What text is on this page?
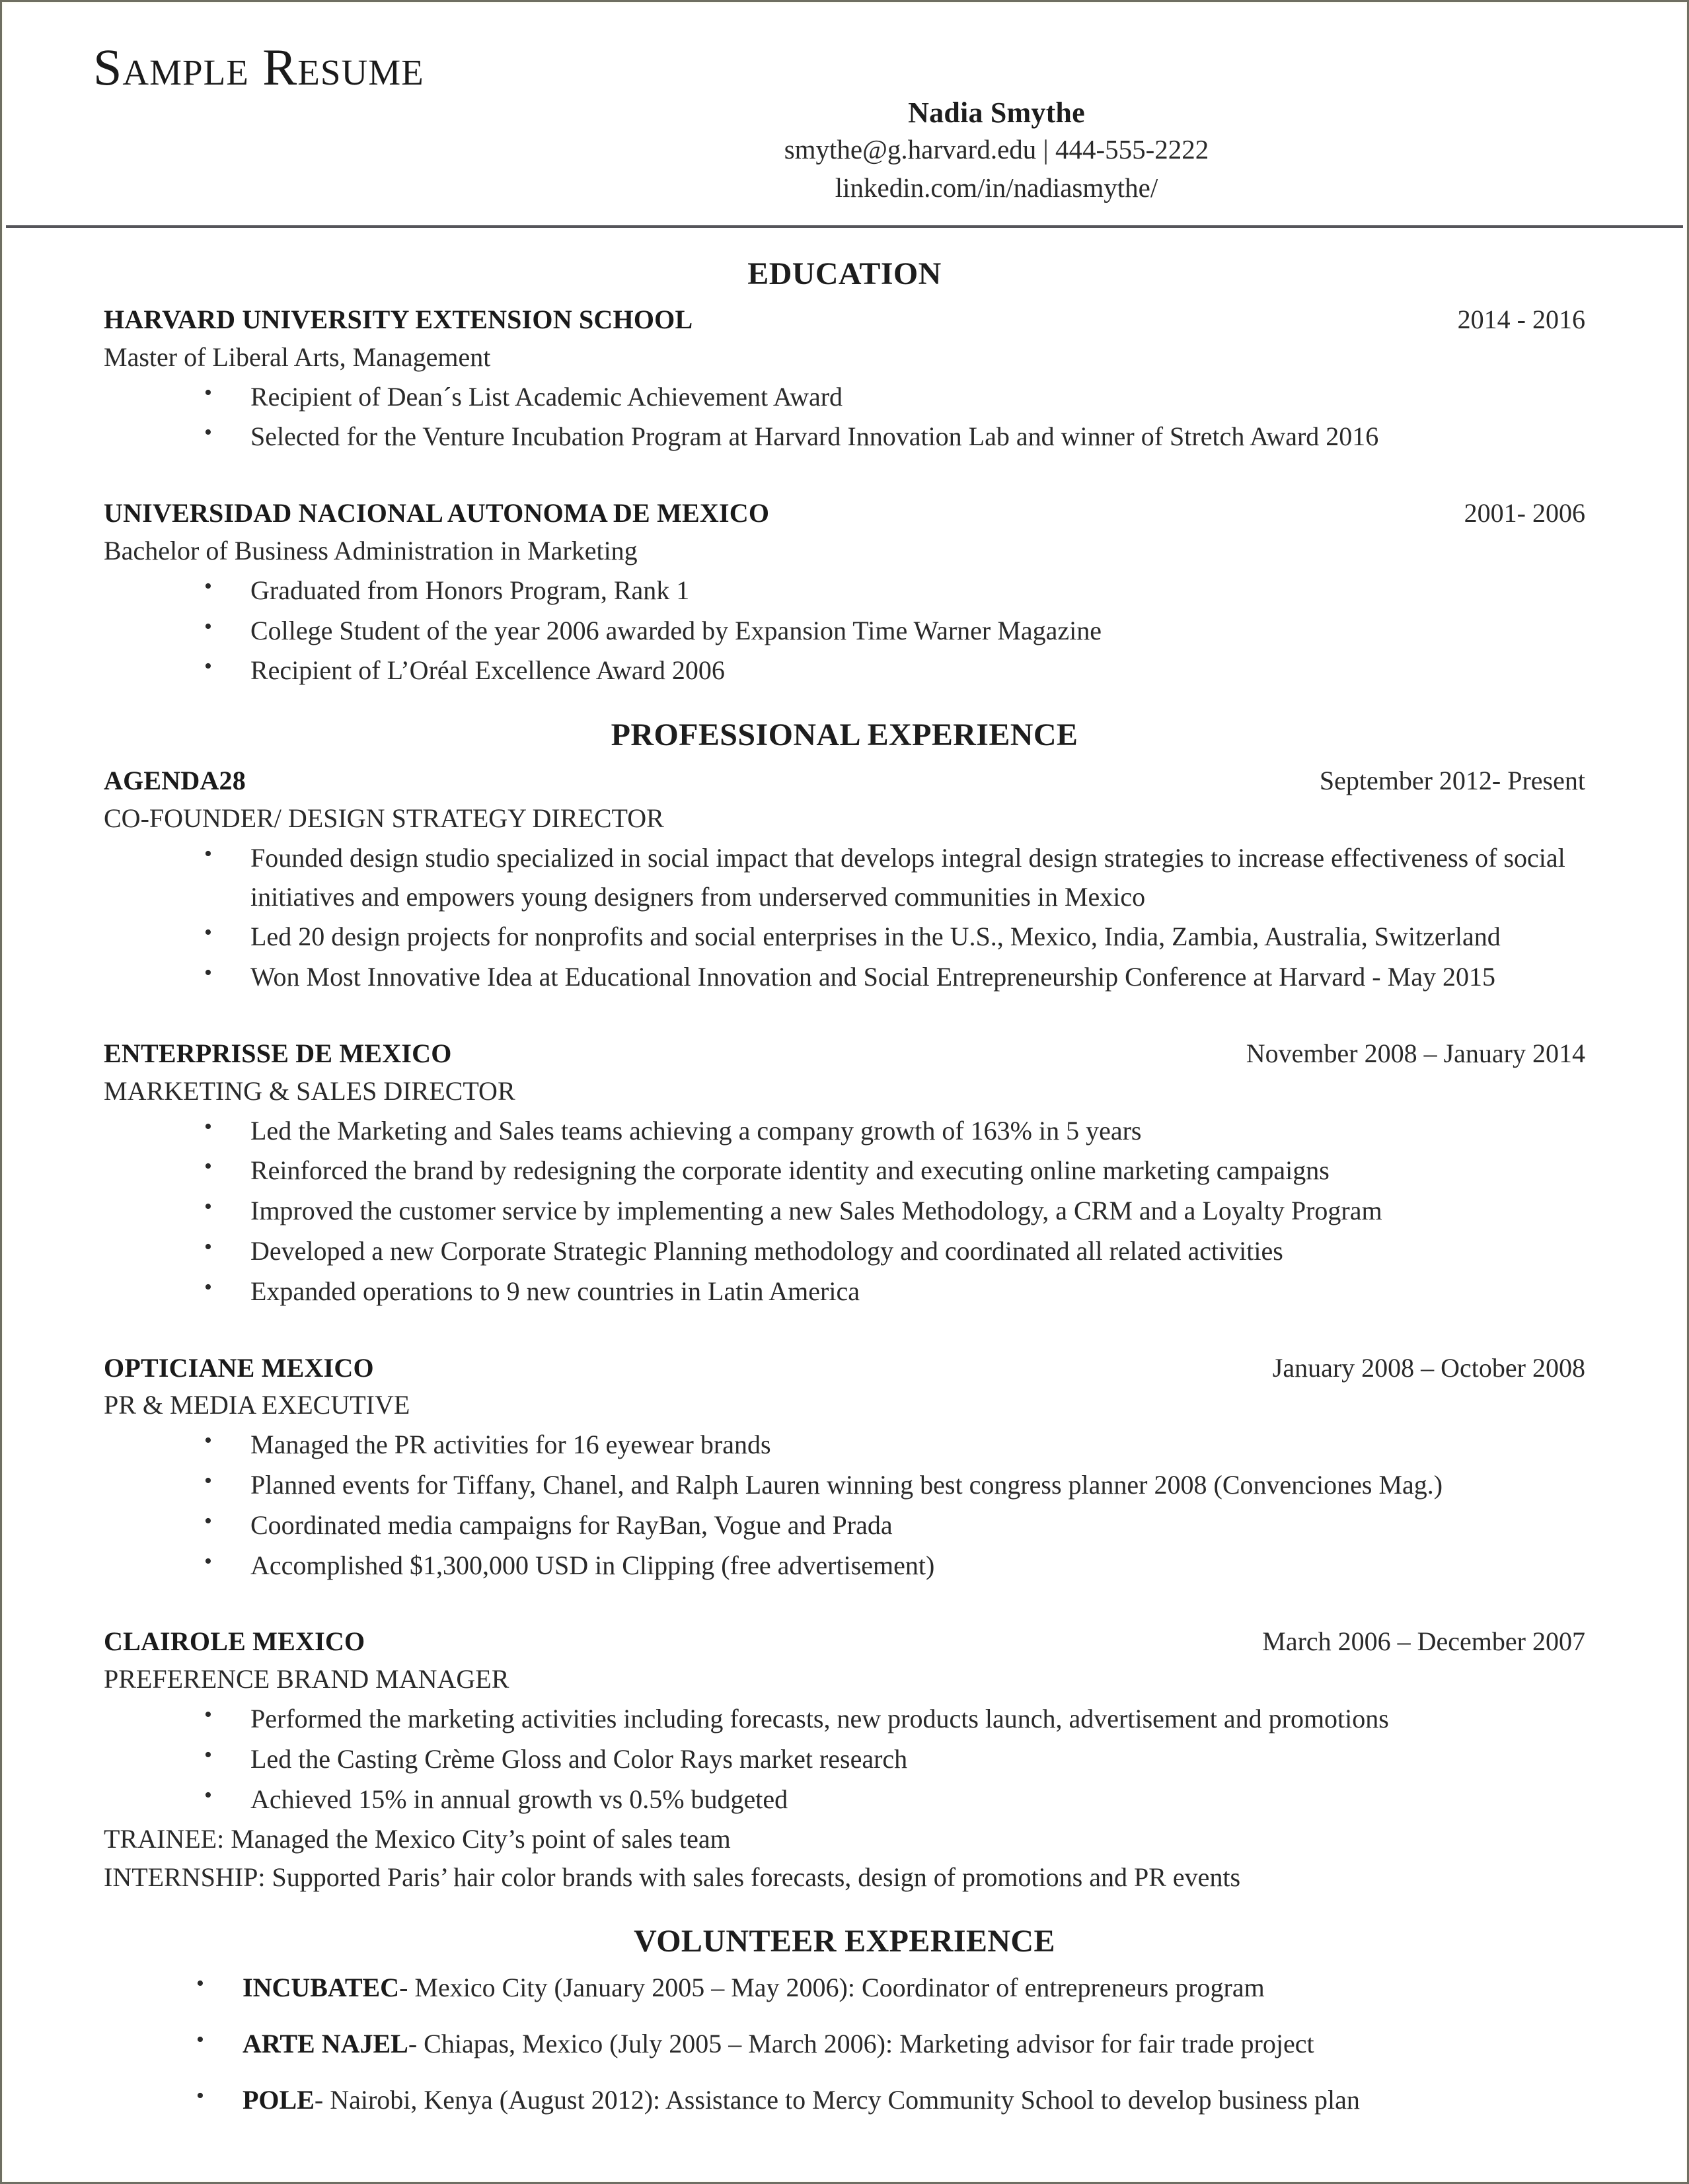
Sample Resume
Nadia Smythe
smythe@g.harvard.edu | 444-555-2222
linkedin.com/in/nadiasmythe/
EDUCATION
HARVARD UNIVERSITY EXTENSION SCHOOL	2014 - 2016
Master of Liberal Arts, Management
• Recipient of Dean´s List Academic Achievement Award
• Selected for the Venture Incubation Program at Harvard Innovation Lab and winner of Stretch Award 2016
UNIVERSIDAD NACIONAL AUTONOMA DE MEXICO	2001- 2006
Bachelor of Business Administration in Marketing
• Graduated from Honors Program, Rank 1
• College Student of the year 2006 awarded by Expansion Time Warner Magazine
• Recipient of L’Oréal Excellence Award 2006
PROFESSIONAL EXPERIENCE
AGENDA28	September 2012- Present
CO-FOUNDER/ DESIGN STRATEGY DIRECTOR
• Founded design studio specialized in social impact that develops integral design strategies to increase effectiveness of social initiatives and empowers young designers from underserved communities in Mexico
• Led 20 design projects for nonprofits and social enterprises in the U.S., Mexico, India, Zambia, Australia, Switzerland
• Won Most Innovative Idea at Educational Innovation and Social Entrepreneurship Conference at Harvard - May 2015
ENTERPRISSE DE MEXICO	November 2008 – January 2014
MARKETING & SALES DIRECTOR
• Led the Marketing and Sales teams achieving a company growth of 163% in 5 years
• Reinforced the brand by redesigning the corporate identity and executing online marketing campaigns
• Improved the customer service by implementing a new Sales Methodology, a CRM and a Loyalty Program
• Developed a new Corporate Strategic Planning methodology and coordinated all related activities
• Expanded operations to 9 new countries in Latin America
OPTICIANE MEXICO	January 2008 – October 2008
PR & MEDIA EXECUTIVE
• Managed the PR activities for 16 eyewear brands
• Planned events for Tiffany, Chanel, and Ralph Lauren winning best congress planner 2008 (Convenciones Mag.)
• Coordinated media campaigns for RayBan, Vogue and Prada
• Accomplished $1,300,000 USD in Clipping (free advertisement)
CLAIROLE MEXICO	March 2006 – December 2007
PREFERENCE BRAND MANAGER
• Performed the marketing activities including forecasts, new products launch, advertisement and promotions
• Led the Casting Crème Gloss and Color Rays market research
• Achieved 15% in annual growth vs 0.5% budgeted
TRAINEE: Managed the Mexico City’s point of sales team
INTERNSHIP: Supported Paris’ hair color brands with sales forecasts, design of promotions and PR events
VOLUNTEER EXPERIENCE
• INCUBATEC- Mexico City (January 2005 – May 2006): Coordinator of entrepreneurs program
• ARTE NAJEL- Chiapas, Mexico (July 2005 – March 2006): Marketing advisor for fair trade project
• POLE- Nairobi, Kenya (August 2012): Assistance to Mercy Community School to develop business plan
